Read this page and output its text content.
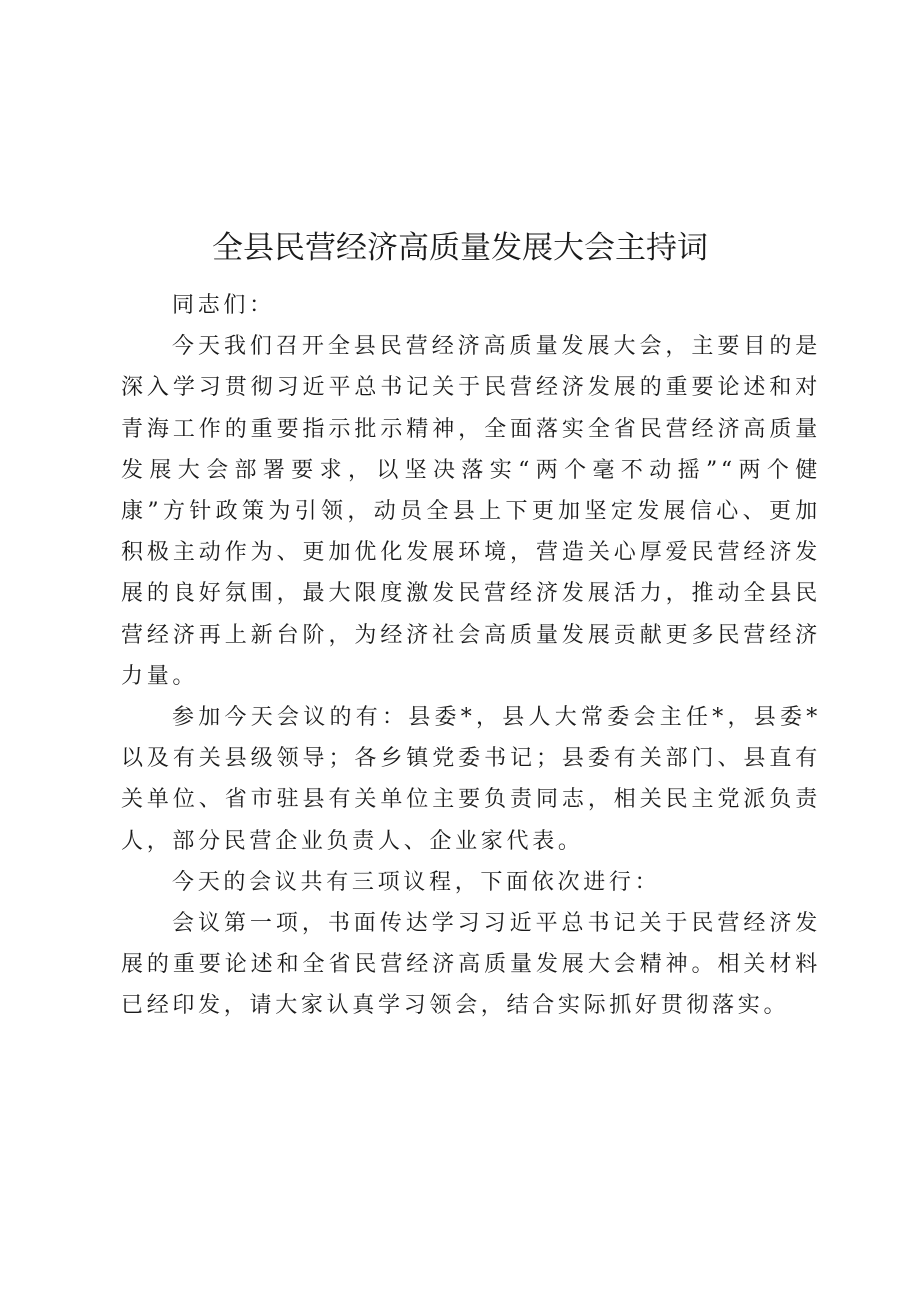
全县民营经济高质量发展大会主持词

同志们：

今天我们召开全县民营经济高质量发展大会，主要目的是深入学习贯彻习近平总书记关于民营经济发展的重要论述和对青海工作的重要指示批示精神，全面落实全省民营经济高质量发展大会部署要求，以坚决落实“两个毫不动摇”“两个健康”方针政策为引领，动员全县上下更加坚定发展信心、更加积极主动作为、更加优化发展环境，营造关心厚爱民营经济发展的良好氛围，最大限度激发民营经济发展活力，推动全县民营经济再上新台阶，为经济社会高质量发展贡献更多民营经济力量。

参加今天会议的有：县委*，县人大常委会主任*，县委*以及有关县级领导；各乡镇党委书记；县委有关部门、县直有关单位、省市驻县有关单位主要负责同志，相关民主党派负责人，部分民营企业负责人、企业家代表。

今天的会议共有三项议程，下面依次进行：

会议第一项，书面传达学习习近平总书记关于民营经济发展的重要论述和全省民营经济高质量发展大会精神。相关材料已经印发，请大家认真学习领会，结合实际抓好贯彻落实。
